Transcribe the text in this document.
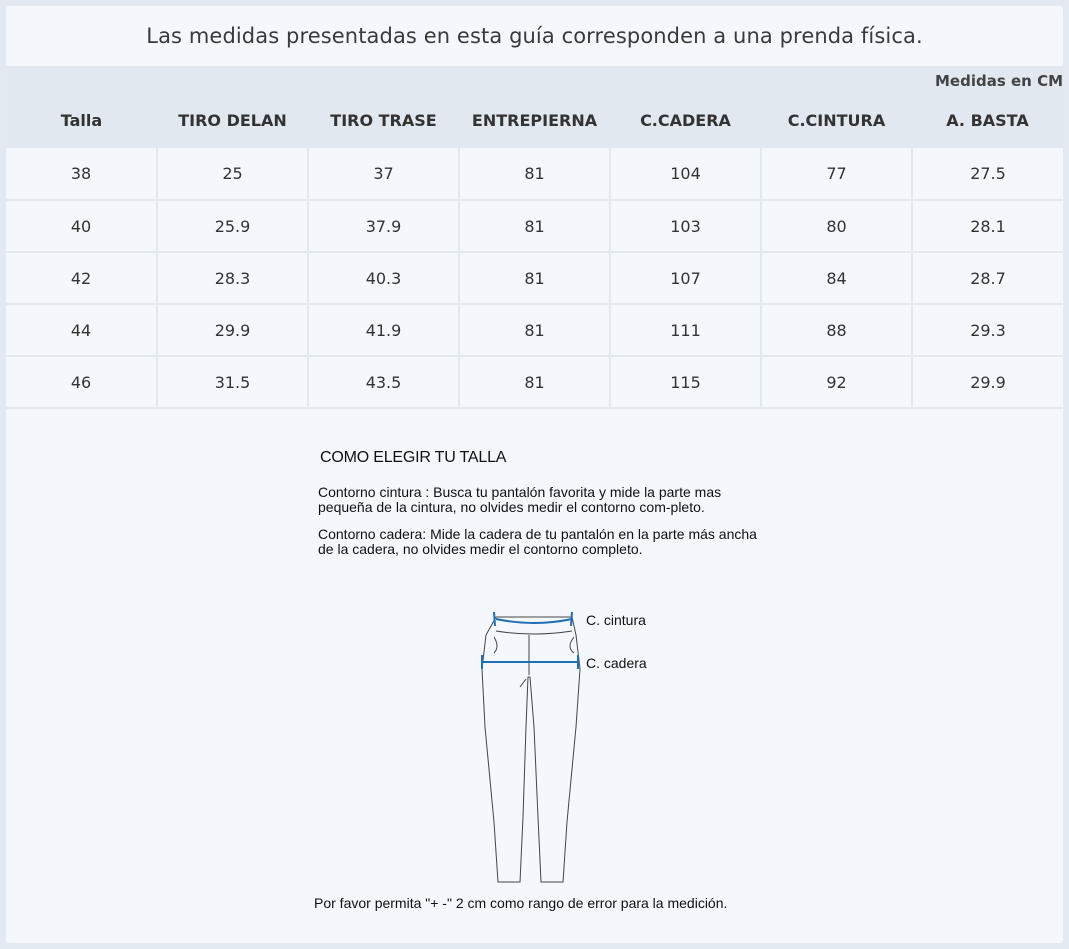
Las medidas presentadas en esta guía corresponden a una prenda física.
Medidas en CM
Talla	TIRO DELAN	TIRO TRASE	ENTREPIERNA	C.CADERA	C.CINTURA	A. BASTA
38	25	37	81	104	77	27.5
40	25.9	37.9	81	103	80	28.1
42	28.3	40.3	81	107	84	28.7
44	29.9	41.9	81	111	88	29.3
46	31.5	43.5	81	115	92	29.9
COMO ELEGIR TU TALLA

Contorno cintura : Busca tu pantalón favorita y mide la parte mas pequeña de la cintura, no olvides medir el contorno com-pleto.

Contorno cadera: Mide la cadera de tu pantalón en la parte más ancha de la cadera, no olvides medir el contorno completo.

C. cintura
C. cadera
Por favor permita "+ -" 2 cm como rango de error para la medición.
